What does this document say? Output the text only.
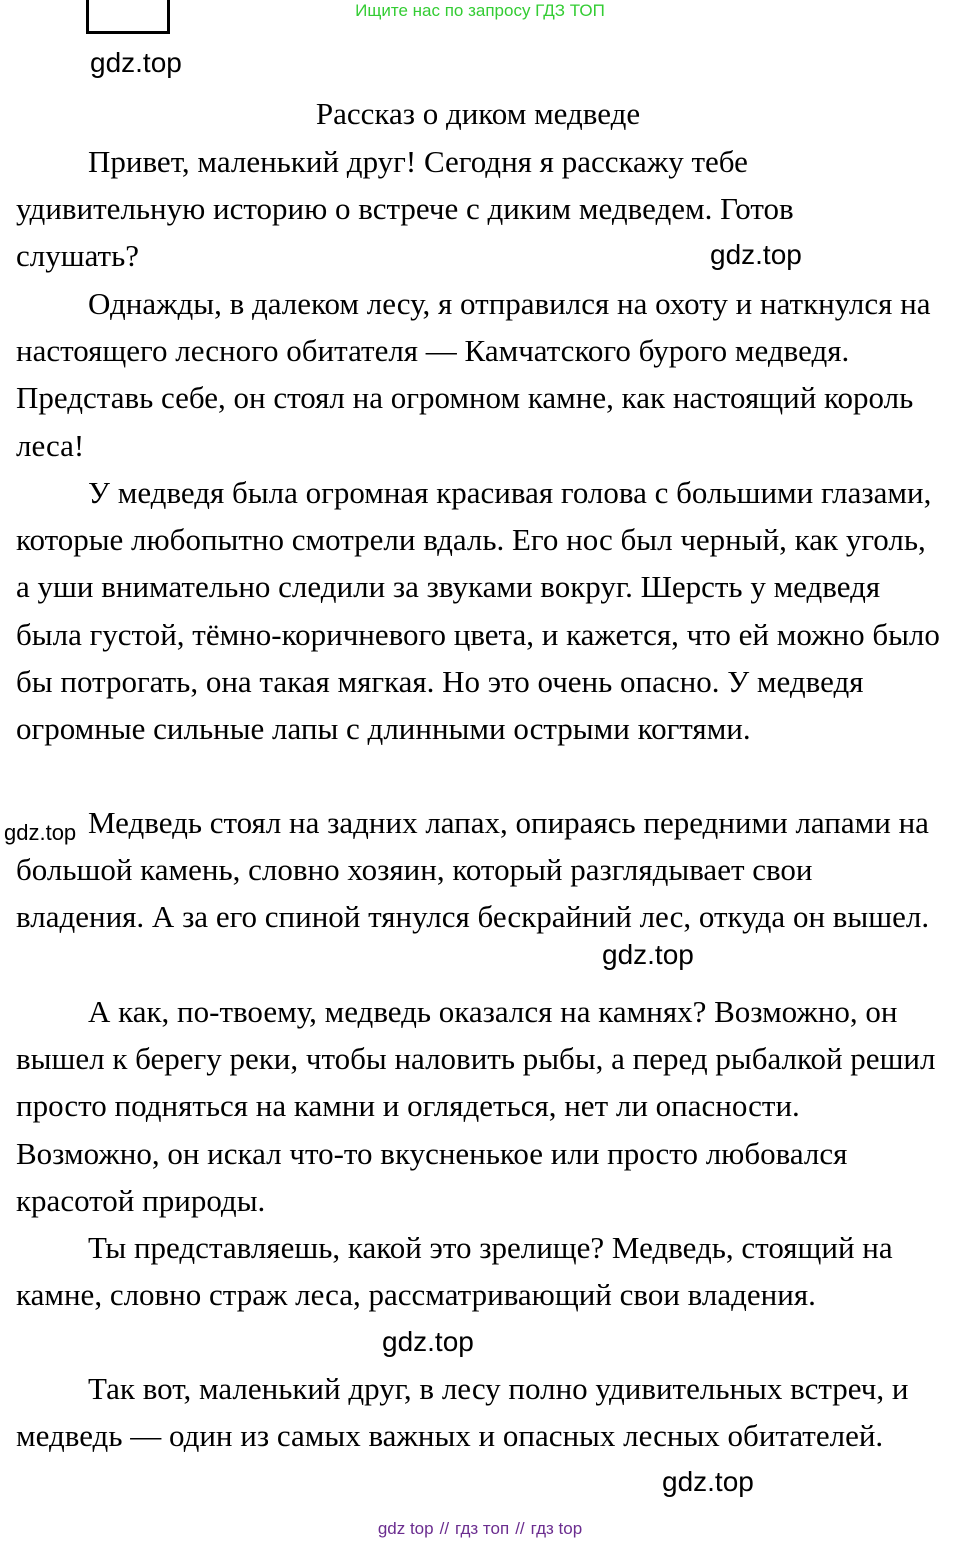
Ищите нас по запросу ГДЗ ТОП
gdz.top
Рассказ о диком медведе

Привет, маленький друг! Сегодня я расскажу тебе удивительную историю о встрече с диким медведем. Готов слушать?	gdz.top

Однажды, в далеком лесу, я отправился на охоту и наткнулся на настоящего лесного обитателя — Камчатского бурого медведя. Представь себе, он стоял на огромном камне, как настоящий король леса!

У медведя была огромная красивая голова с большими глазами, которые любопытно смотрели вдаль. Его нос был черный, как уголь, а уши внимательно следили за звуками вокруг. Шерсть у медведя была густой, тёмно-коричневого цвета, и кажется, что ей можно было бы потрогать, она такая мягкая. Но это очень опасно. У медведя огромные сильные лапы с длинными острыми когтями.

gdz.top Медведь стоял на задних лапах, опираясь передними лапами на большой камень, словно хозяин, который разглядывает свои владения. А за его спиной тянулся бескрайний лес, откуда он вышел.

gdz.top

А как, по-твоему, медведь оказался на камнях? Возможно, он вышел к берегу реки, чтобы наловить рыбы, а перед рыбалкой решил просто подняться на камни и оглядеться, нет ли опасности. Возможно, он искал что-то вкусненькое или просто любовался красотой природы.

Ты представляешь, какой это зрелище? Медведь, стоящий на камне, словно страж леса, рассматривающий свои владения.

gdz.top

Так вот, маленький друг, в лесу полно удивительных встреч, и медведь — один из самых важных и опасных лесных обитателей.

gdz.top
gdz top // гдз топ // гдз top
